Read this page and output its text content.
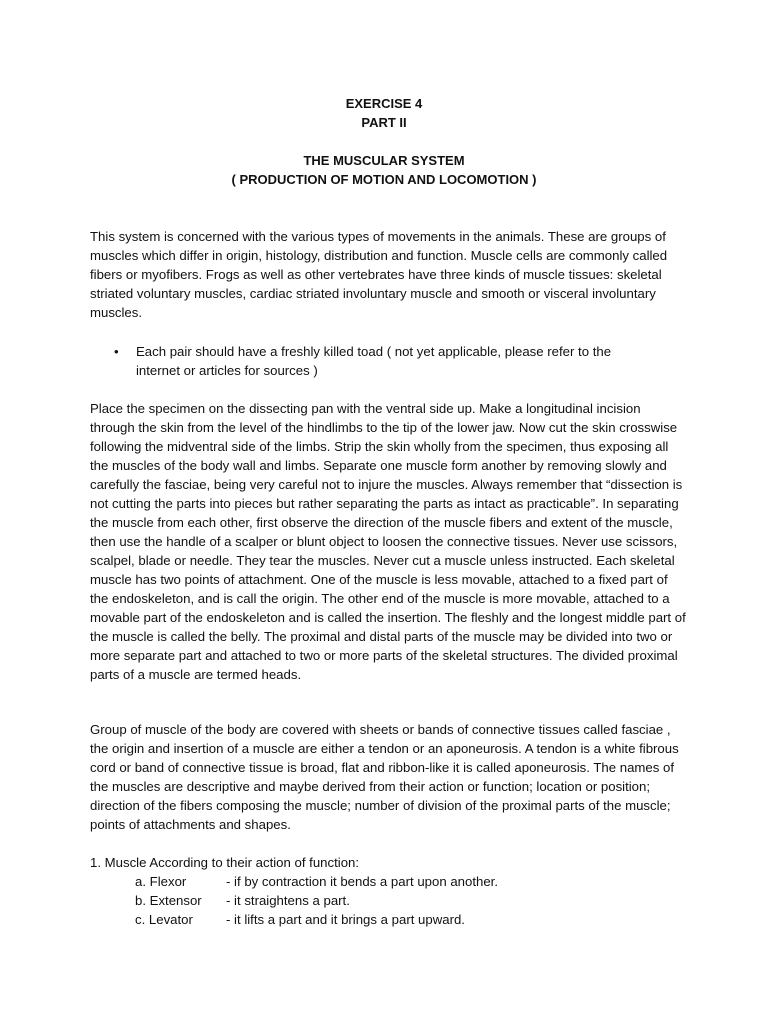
EXERCISE 4
PART II
THE MUSCULAR SYSTEM
( PRODUCTION OF MOTION AND LOCOMOTION )

This system is concerned with the various types of movements in the animals. These are groups of muscles which differ in origin, histology, distribution and function. Muscle cells are commonly called fibers or myofibers. Frogs as well as other vertebrates have three kinds of muscle tissues: skeletal striated voluntary muscles, cardiac striated involuntary muscle and smooth or visceral involuntary muscles.

• Each pair should have a freshly killed toad ( not yet applicable, please refer to the internet or articles for sources )

Place the specimen on the dissecting pan with the ventral side up. Make a longitudinal incision through the skin from the level of the hindlimbs to the tip of the lower jaw. Now cut the skin crosswise following the midventral side of the limbs. Strip the skin wholly from the specimen, thus exposing all the muscles of the body wall and limbs. Separate one muscle form another by removing slowly and carefully the fasciae, being very careful not to injure the muscles. Always remember that “dissection is not cutting the parts into pieces but rather separating the parts as intact as practicable”. In separating the muscle from each other, first observe the direction of the muscle fibers and extent of the muscle, then use the handle of a scalper or blunt object to loosen the connective tissues. Never use scissors, scalpel, blade or needle. They tear the muscles. Never cut a muscle unless instructed. Each skeletal muscle has two points of attachment. One of the muscle is less movable, attached to a fixed part of the endoskeleton, and is call the origin. The other end of the muscle is more movable, attached to a movable part of the endoskeleton and is called the insertion. The fleshly and the longest middle part of the muscle is called the belly. The proximal and distal parts of the muscle may be divided into two or more separate part and attached to two or more parts of the skeletal structures. The divided proximal parts of a muscle are termed heads.

Group of muscle of the body are covered with sheets or bands of connective tissues called fasciae , the origin and insertion of a muscle are either a tendon or an aponeurosis. A tendon is a white fibrous cord or band of connective tissue is broad, flat and ribbon-like it is called aponeurosis. The names of the muscles are descriptive and maybe derived from their action or function; location or position; direction of the fibers composing the muscle; number of division of the proximal parts of the muscle; points of attachments and shapes.

1. Muscle According to their action of function:
a. Flexor	- if by contraction it bends a part upon another.
b. Extensor - it straightens a part.
c. Levator	- it lifts a part and it brings a part upward.
